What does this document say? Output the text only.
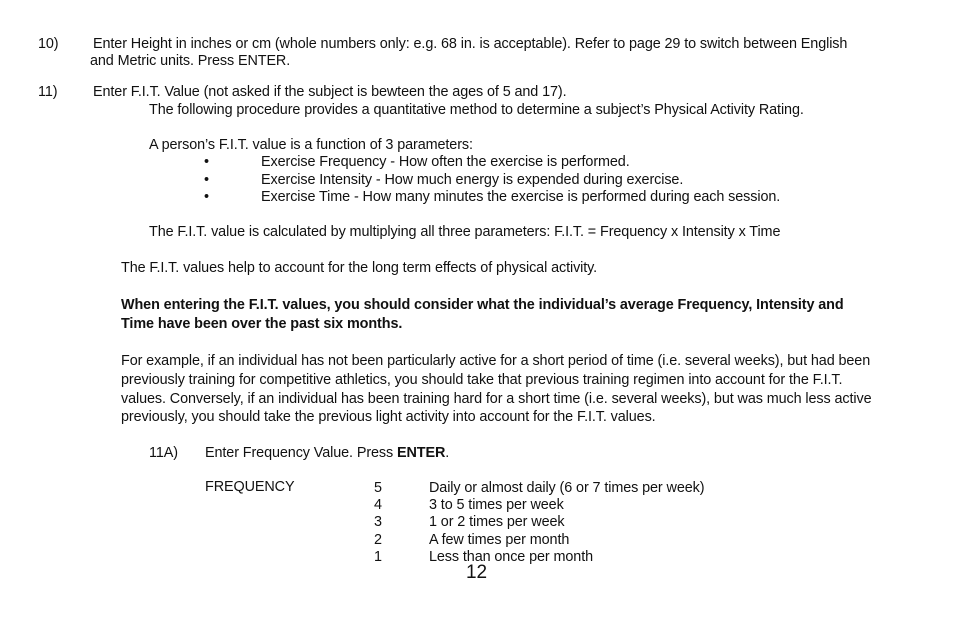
10) Enter Height in inches or cm (whole numbers only: e.g. 68 in. is acceptable). Refer to page 29 to switch between English
and Metric units. Press ENTER.
11) Enter F.I.T. Value (not asked if the subject is bewteen the ages of 5 and 17).
The following procedure provides a quantitative method to determine a subject’s Physical Activity Rating.
A person’s F.I.T. value is a function of 3 parameters:
•	Exercise Frequency - How often the exercise is performed.
•	Exercise Intensity - How much energy is expended during exercise.
•	Exercise Time - How many minutes the exercise is performed during each session.
The F.I.T. value is calculated by multiplying all three parameters: F.I.T. = Frequency x Intensity x Time
The F.I.T. values help to account for the long term effects of physical activity.
When entering the F.I.T. values, you should consider what the individual’s average Frequency, Intensity and
Time have been over the past six months.
For example, if an individual has not been particularly active for a short period of time (i.e. several weeks), but had been
previously training for competitive athletics, you should take that previous training regimen into account for the F.I.T.
values. Conversely, if an individual has been training hard for a short time (i.e. several weeks), but was much less active
previously, you should take the previous light activity into account for the F.I.T. values.
11A) Enter Frequency Value. Press ENTER.
FREQUENCY	5	Daily or almost daily (6 or 7 times per week)
4	3 to 5 times per week
3	1 or 2 times per week
2	A few times per month
1	Less than once per month
12
